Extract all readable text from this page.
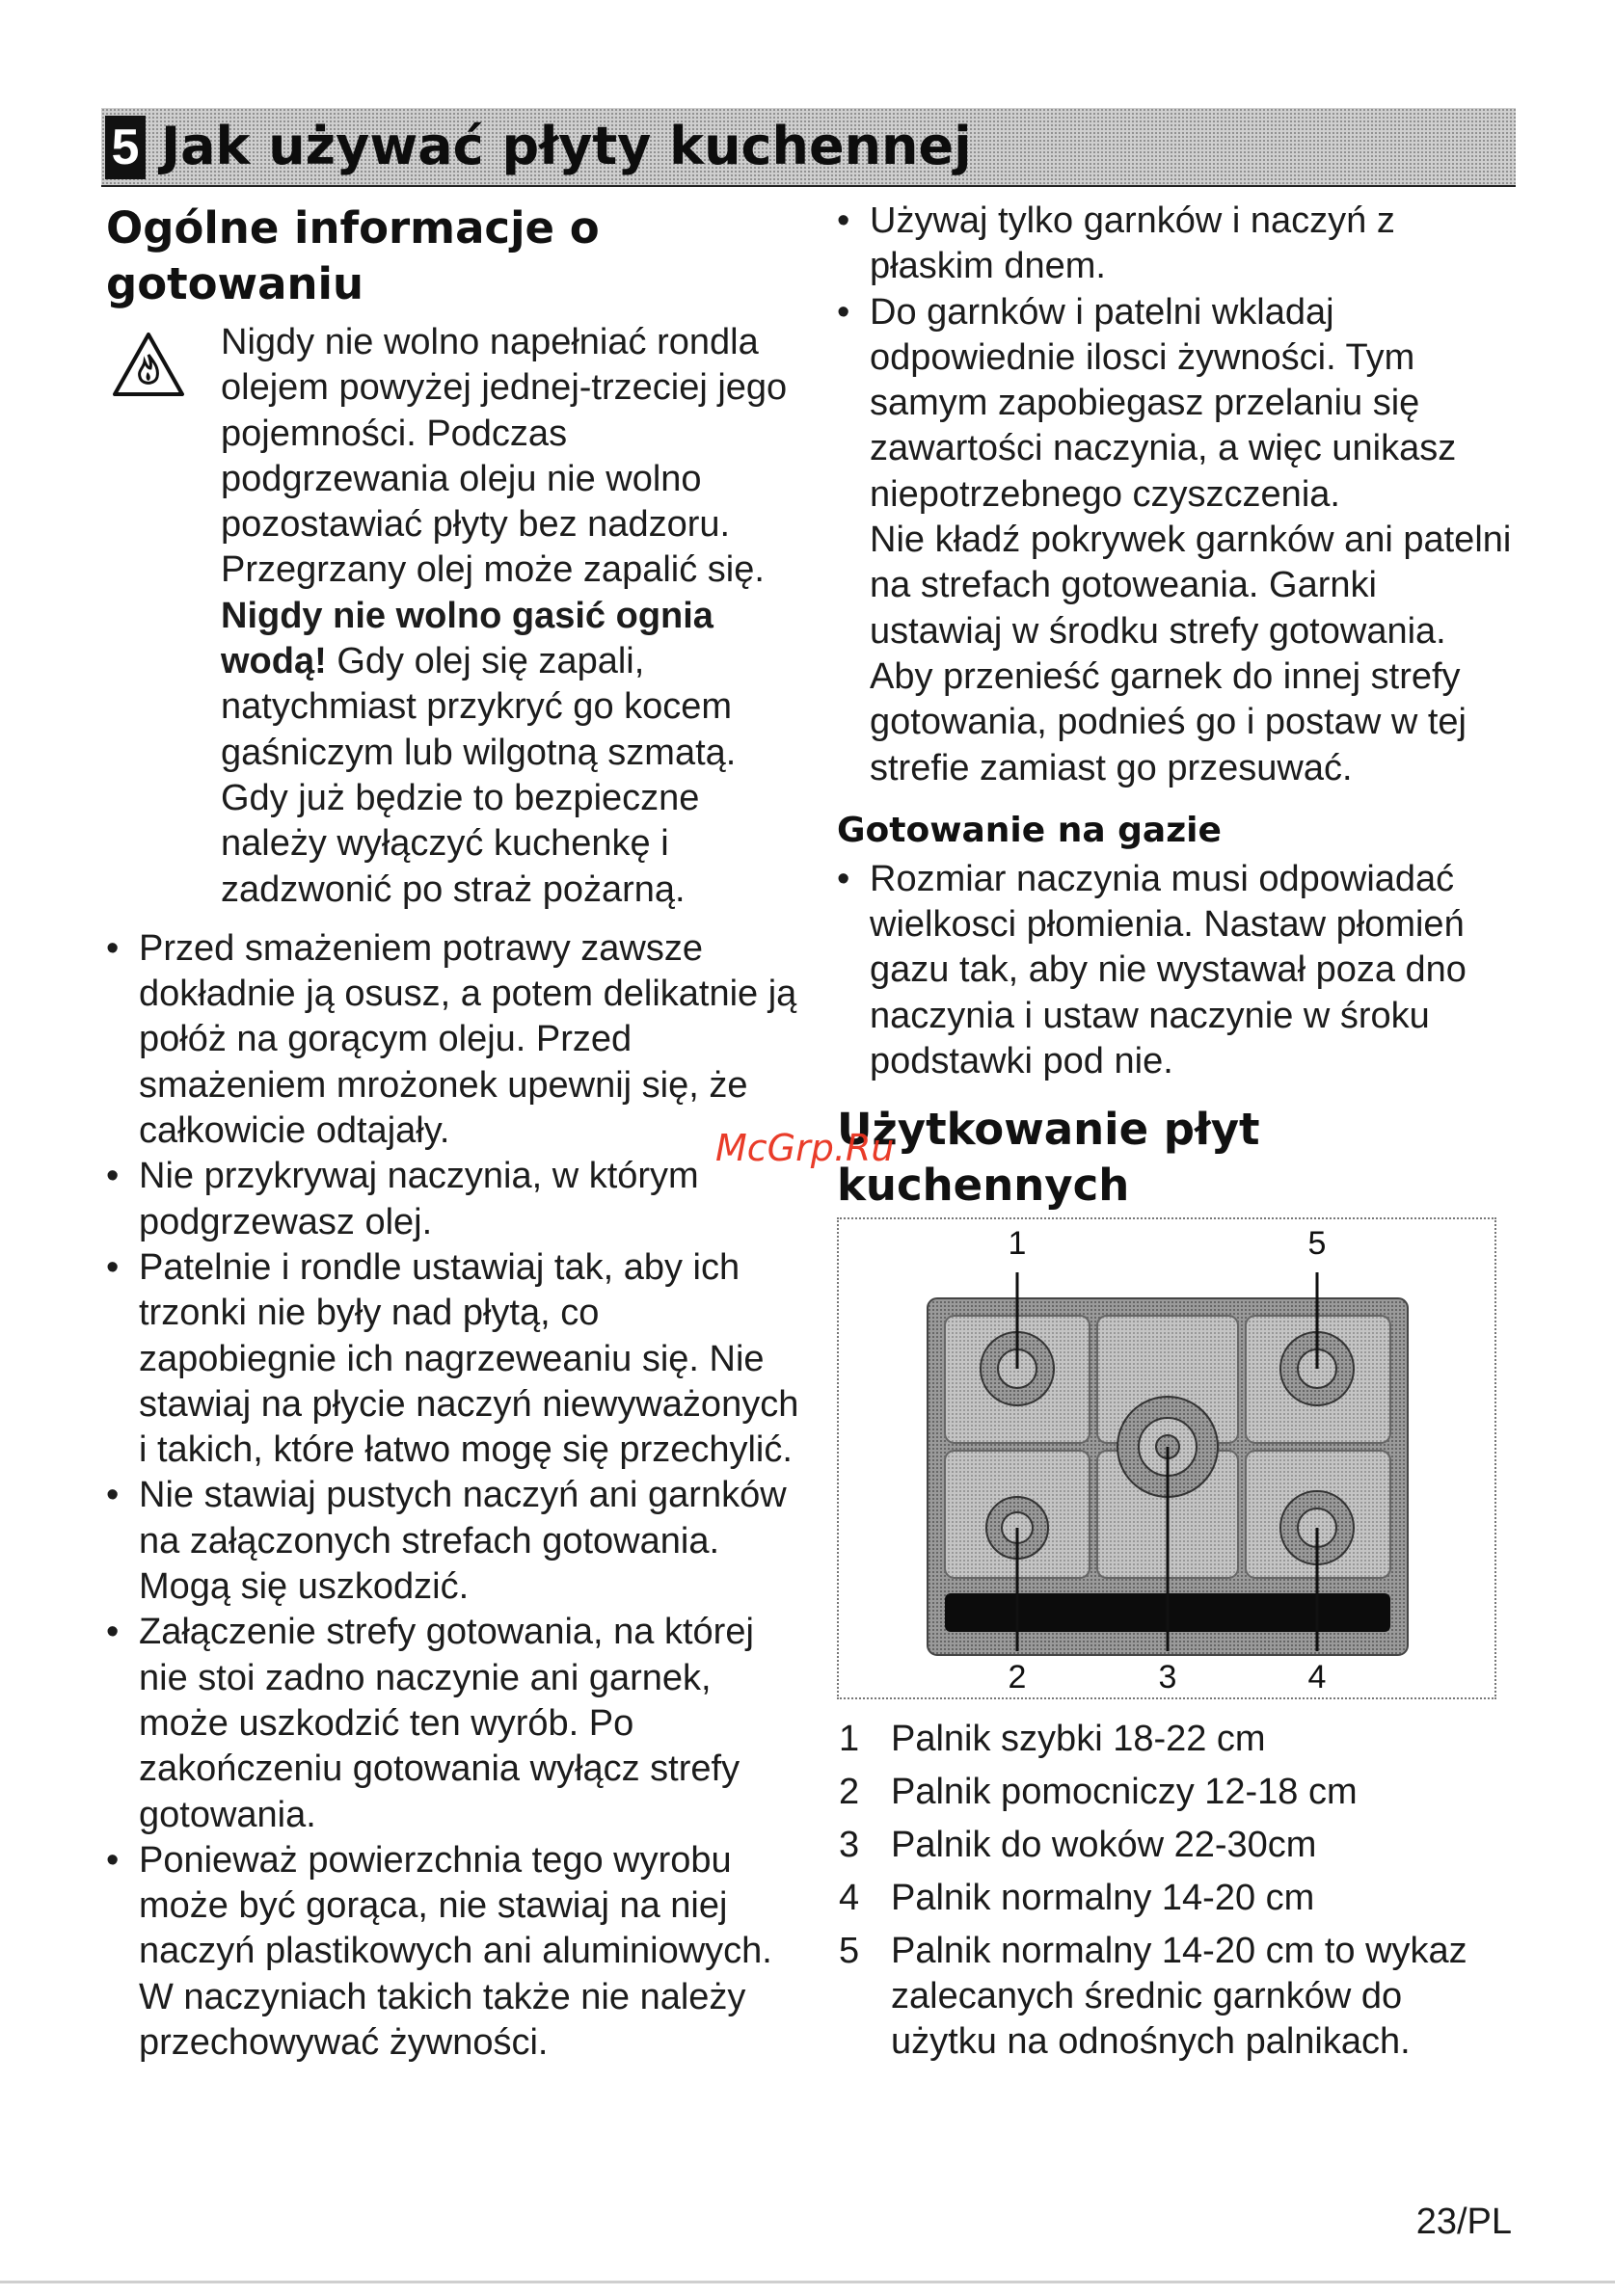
5 Jak używać płyty kuchennej
Ogólne informacje o gotowaniu
Nigdy nie wolno napełniać rondla olejem powyżej jednej-trzeciej jego pojemności. Podczas podgrzewania oleju nie wolno pozostawiać płyty bez nadzoru. Przegrzany olej może zapalić się. Nigdy nie wolno gasić ognia wodą! Gdy olej się zapali, natychmiast przykryć go kocem gaśniczym lub wilgotną szmatą. Gdy już będzie to bezpieczne należy wyłączyć kuchenkę i zadzwonić po straż pożarną.
• Przed smażeniem potrawy zawsze dokładnie ją osusz, a potem delikatnie ją połóż na gorącym oleju. Przed smażeniem mrożonek upewnij się, że całkowicie odtajały.
• Nie przykrywaj naczynia, w którym podgrzewasz olej.
• Patelnie i rondle ustawiaj tak, aby ich trzonki nie były nad płytą, co zapobiegnie ich nagrzeweaniu się. Nie stawiaj na płycie naczyń niewyważonych i takich, które łatwo mogę się przechylić.
• Nie stawiaj pustych naczyń ani garnków na załączonych strefach gotowania. Mogą się uszkodzić.
• Załączenie strefy gotowania, na której nie stoi zadno naczynie ani garnek, może uszkodzić ten wyrób. Po zakończeniu gotowania wyłącz strefy gotowania.
• Ponieważ powierzchnia tego wyrobu może być gorąca, nie stawiaj na niej naczyń plastikowych ani aluminiowych. W naczyniach takich także nie należy przechowywać żywności.
• Używaj tylko garnków i naczyń z płaskim dnem.
• Do garnków i patelni wkladaj odpowiednie ilosci żywności. Tym samym zapobiegasz przelaniu się zawartości naczynia, a więc unikasz niepotrzebnego czyszczenia.
Nie kładź pokrywek garnków ani patelni na strefach gotoweania. Garnki ustawiaj w środku strefy gotowania. Aby przenieść garnek do innej strefy gotowania, podnieś go i postaw w tej strefie zamiast go przesuwać.
Gotowanie na gazie
• Rozmiar naczynia musi odpowiadać wielkosci płomienia. Nastaw płomień gazu tak, aby nie wystawał poza dno naczynia i ustaw naczynie w śroku podstawki pod nie.
Użytkowanie płyt kuchennych
1	5
2	3	4
1 Palnik szybki 18-22 cm
2 Palnik pomocniczy 12-18 cm
3 Palnik do woków 22-30cm
4 Palnik normalny 14-20 cm
5 Palnik normalny 14-20 cm to wykaz zalecanych średnic garnków do użytku na odnośnych palnikach.
McGrp.Ru
23/PL
